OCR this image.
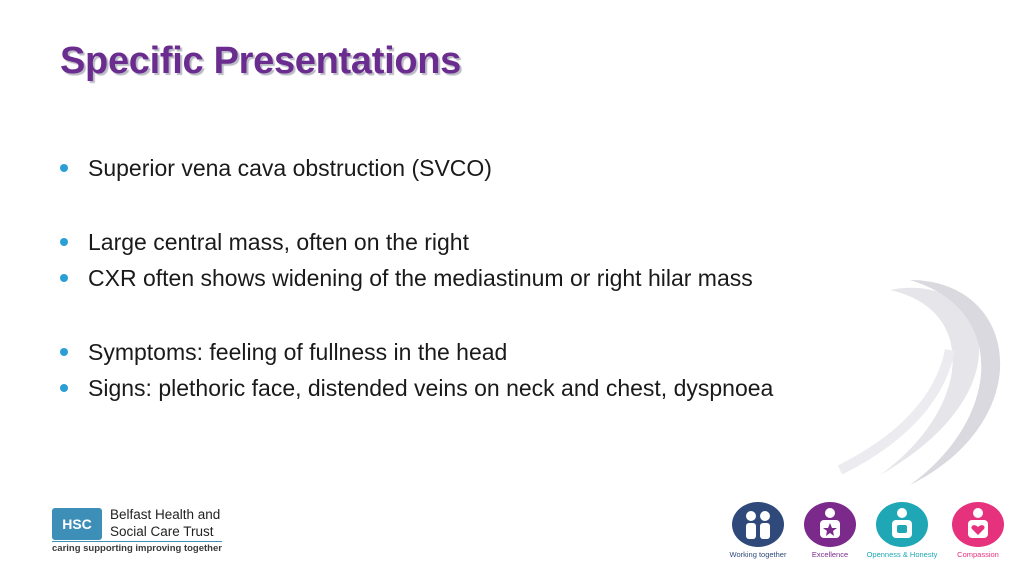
Specific Presentations
Superior vena cava obstruction (SVCO)
Large central mass, often on the right
CXR often shows widening of the mediastinum or right hilar mass
Symptoms: feeling of fullness in the head
Signs: plethoric face, distended veins on neck and chest, dyspnoea
HSC
Belfast Health and Social Care Trust
caring supporting improving together
Working together	Excellence	Openness & Honesty	Compassion
